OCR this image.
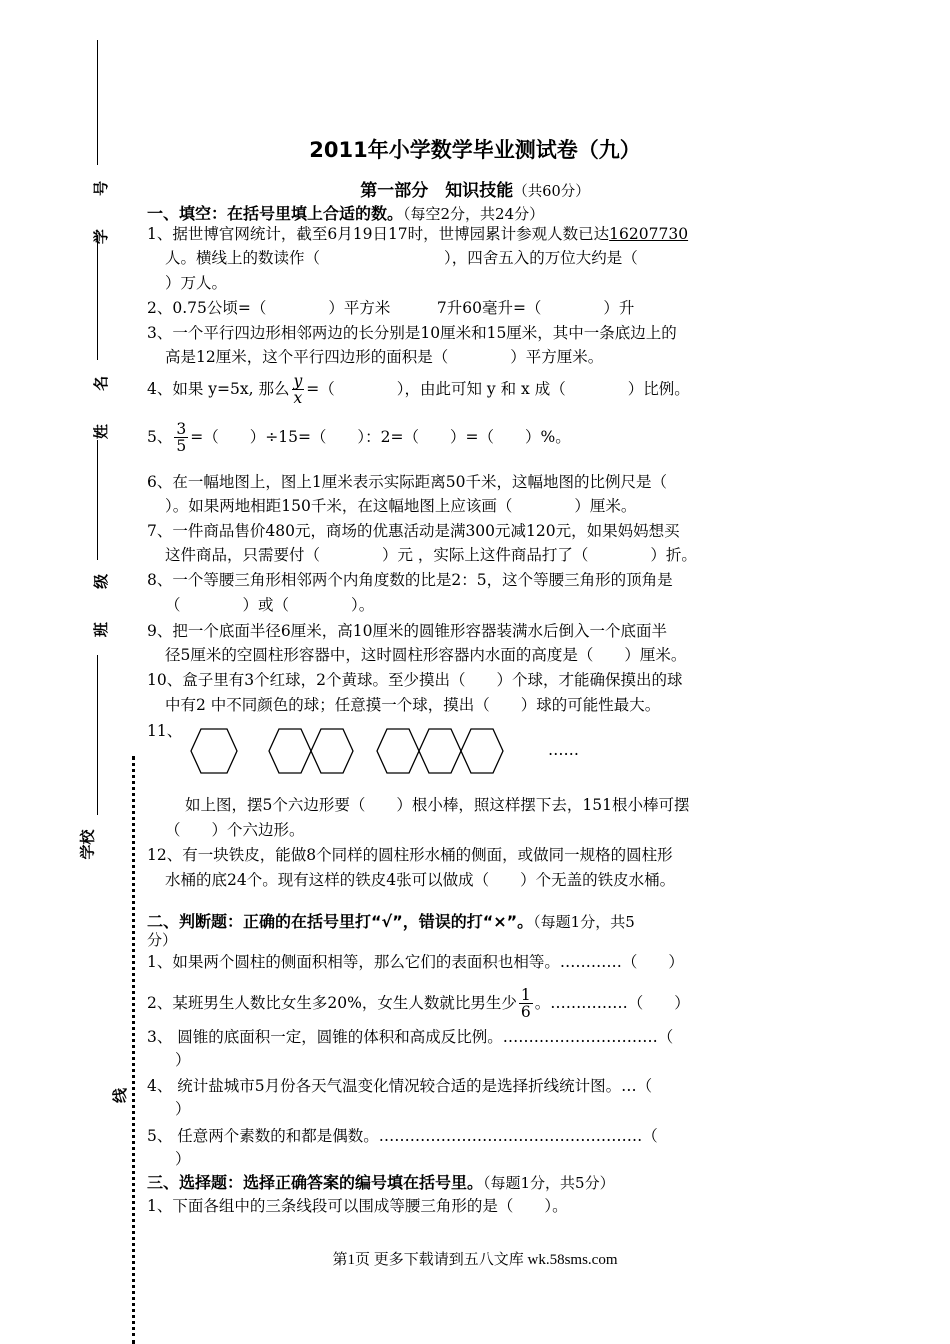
学 号
姓 名
班 级
学校
线
2011年小学数学毕业测试卷（九）
第一部分　知识技能（共60分）
一、填空：在括号里填上合适的数。（每空2分，共24分）
1、据世博官网统计，截至6月19日17时，世博园累计参观人数已达16207730
人。横线上的数读作（　　　　　　　　），四舍五入的万位大约是（
）万人。
2、0.75公顷=（　　　　）平方米　　　7升60毫升=（　　　　）升
3、一个平行四边形相邻两边的长分别是10厘米和15厘米，其中一条底边上的
高是12厘米，这个平行四边形的面积是（　　　　）平方厘米。
4、如果 y=5x, 那么 $\frac{y}{x}$ =（　　　　），由此可知 y 和 x 成（　　　　）比例。
5、 $\frac{3}{5}$ =（　　）÷15=（　　）：2=（　　）=（　　）%。
6、在一幅地图上，图上1厘米表示实际距离50千米，这幅地图的比例尺是（
）。如果两地相距150千米，在这幅地图上应该画（　　　　）厘米。
7、一件商品售价480元，商场的优惠活动是满300元减120元，如果妈妈想买
这件商品，只需要付（　　　　）元 ，实际上这件商品打了（　　　　）折。
8、一个等腰三角形相邻两个内角度数的比是2：5，这个等腰三角形的顶角是
（　　　　）或（　　　　）。
9、把一个底面半径6厘米，高10厘米的圆锥形容器装满水后倒入一个底面半
径5厘米的空圆柱形容器中，这时圆柱形容器内水面的高度是（　　）厘米。
10、盒子里有3个红球，2个黄球。至少摸出（　　）个球，才能确保摸出的球
中有2 中不同颜色的球；任意摸一个球，摸出（　　）球的可能性最大。
11、
……
如上图，摆5个六边形要（　　）根小棒，照这样摆下去，151根小棒可摆
（　　）个六边形。
12、有一块铁皮，能做8个同样的圆柱形水桶的侧面，或做同一规格的圆柱形
水桶的底24个。现有这样的铁皮4张可以做成（　　）个无盖的铁皮水桶。
二、判断题：正确的在括号里打“√”，错误的打“×”。（每题1分，共5
分）
1、如果两个圆柱的侧面积相等，那么它们的表面积也相等。…………（　　）
2、某班男生人数比女生多20%，女生人数就比男生少 $\frac{1}{6}$ 。……………（　　）
3、 圆锥的底面积一定，圆锥的体积和高成反比例。…………………………（
）
4、 统计盐城市5月份各天气温变化情况较合适的是选择折线统计图。…（
）
5、 任意两个素数的和都是偶数。……………………………………………（
）
三、选择题：选择正确答案的编号填在括号里。（每题1分，共5分）
1、下面各组中的三条线段可以围成等腰三角形的是（　　）。
第1页 更多下载请到五八文库 wk.58sms.com
